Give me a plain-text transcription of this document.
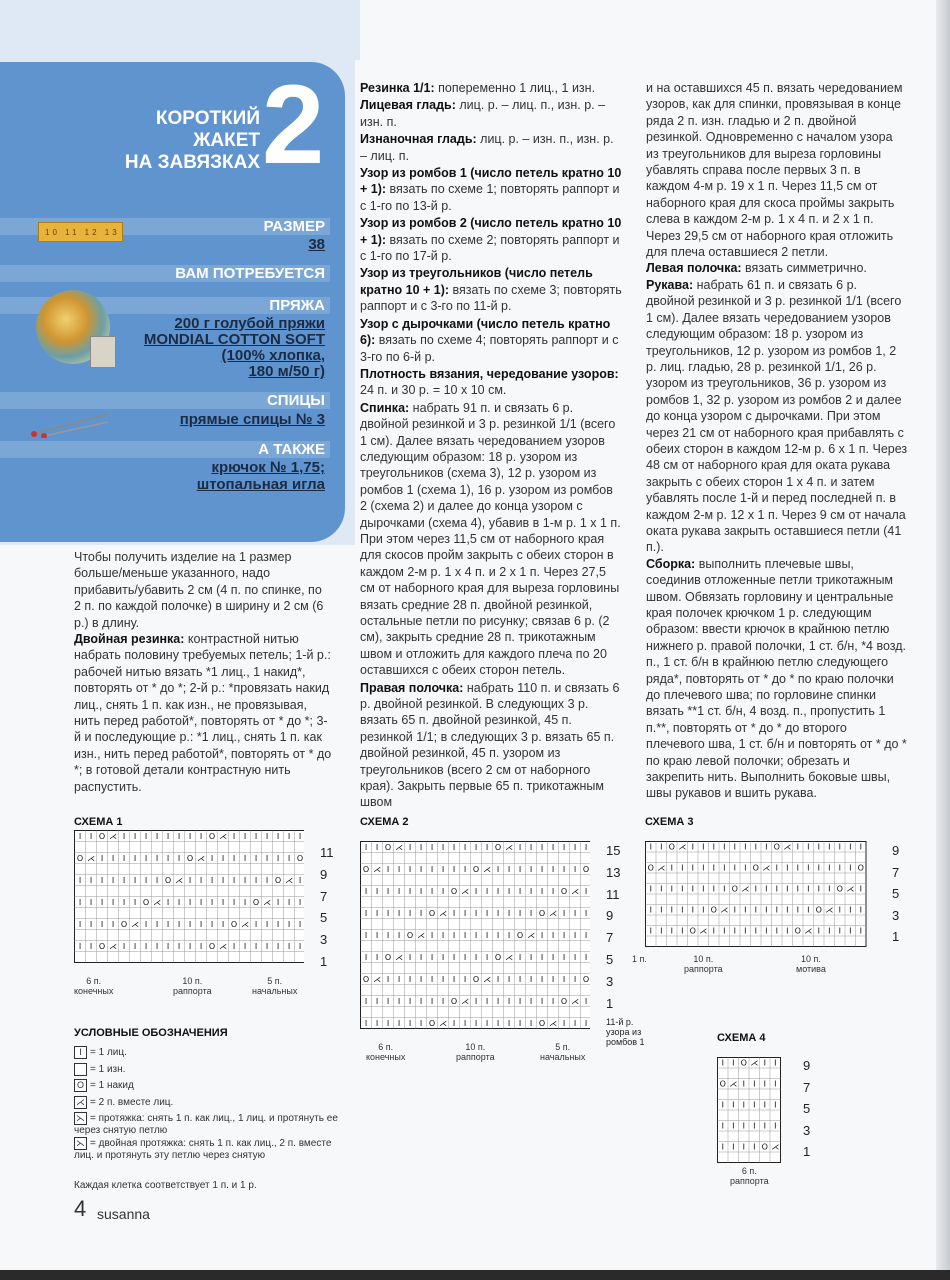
КОРОТКИЙ
ЖАКЕТ
НА ЗАВЯЗКАХ 2
10 11 12 13	РАЗМЕР
38
ВАМ ПОТРЕБУЕТСЯ
ПРЯЖА
200 г голубой пряжи
MONDIAL COTTON SOFT
(100% хлопка,
180 м/50 г)
СПИЦЫ
прямые спицы № 3
А ТАКЖЕ
крючок № 1,75;
штопальная игла

Чтобы получить изделие на 1 размер больше/меньше указанного, надо прибавить/убавить 2 см (4 п. по спинке, по 2 п. по каждой полочке) в ширину и 2 см (6 р.) в длину.

Двойная резинка: контрастной нитью набрать половину требуемых петель; 1-й р.: рабочей нитью вязать *1 лиц., 1 накид*, повторять от * до *; 2-й р.: *провязать накид лиц., снять 1 п. как изн., не провязывая, нить перед работой*, повторять от * до *; 3-й и последующие р.: *1 лиц., снять 1 п. как изн., нить перед работой*, повторять от * до *; в готовой детали контрастную нить распустить.

Резинка 1/1: попеременно 1 лиц., 1 изн.

Лицевая гладь: лиц. р. – лиц. п., изн. р. – изн. п.

Изнаночная гладь: лиц. р. – изн. п., изн. р. – лиц. п.

Узор из ромбов 1 (число петель кратно 10 + 1): вязать по схеме 1; повторять раппорт и с 1-го по 13-й р.

Узор из ромбов 2 (число петель кратно 10 + 1): вязать по схеме 2; повторять раппорт и с 1-го по 17-й р.

Узор из треугольников (число петель кратно 10 + 1): вязать по схеме 3; повторять раппорт и с 3-го по 11-й р.

Узор с дырочками (число петель кратно 6): вязать по схеме 4; повторять раппорт и с 3-го по 6-й р.

Плотность вязания, чередование узоров: 24 п. и 30 р. = 10 x 10 см.

Спинка: набрать 91 п. и связать 6 р. двойной резинкой и 3 р. резинкой 1/1 (всего 1 см). Далее вязать чередованием узоров следующим образом: 18 р. узором из треугольников (схема 3), 12 р. узором из ромбов 1 (схема 1), 16 р. узором из ромбов 2 (схема 2) и далее до конца узором с дырочками (схема 4), убавив в 1-м р. 1 х 1 п. При этом через 11,5 см от наборного края для скосов пройм закрыть с обеих сторон в каждом 2-м р. 1 х 4 п. и 2 х 1 п. Через 27,5 см от наборного края для выреза горловины вязать средние 28 п. двойной резинкой, остальные петли по рисунку; связав 6 р. (2 см), закрыть средние 28 п. трикотажным швом и отложить для каждого плеча по 20 оставшихся с обеих сторон петель.

Правая полочка: набрать 110 п. и связать 6 р. двойной резинкой. В следующих 3 р. вязать 65 п. двойной резинкой, 45 п. резинкой 1/1; в следующих 3 р. вязать 65 п. двойной резинкой, 45 п. узором из треугольников (всего 2 см от наборного края). Закрыть первые 65 п. трикотажным швом

и на оставшихся 45 п. вязать чередованием узоров, как для спинки, провязывая в конце ряда 2 п. изн. гладью и 2 п. двойной резинкой. Одновременно с началом узора из треугольников для выреза горловины убавлять справа после первых 3 п. в каждом 4-м р. 19 х 1 п. Через 11,5 см от наборного края для скоса проймы закрыть слева в каждом 2-м р. 1 х 4 п. и 2 х 1 п. Через 29,5 см от наборного края отложить для плеча оставшиеся 2 петли.

Левая полочка: вязать симметрично.

Рукава: набрать 61 п. и связать 6 р. двойной резинкой и 3 р. резинкой 1/1 (всего 1 см). Далее вязать чередованием узоров следующим образом: 18 р. узором из треугольников, 12 р. узором из ромбов 1, 2 р. лиц. гладью, 28 р. резинкой 1/1, 26 р. узором из треугольников, 36 р. узором из ромбов 1, 32 р. узором из ромбов 2 и далее до конца узором с дырочками. При этом через 21 см от наборного края прибавлять с обеих сторон в каждом 12-м р. 6 х 1 п. Через 48 см от наборного края для оката рукава закрыть с обеих сторон 1 х 4 п. и затем убавлять после 1-й и перед последней п. в каждом 2-м р. 12 х 1 п. Через 9 см от начала оката рукава закрыть оставшиеся петли (41 п.).

Сборка: выполнить плечевые швы, соединив отложенные петли трикотажным швом. Обвязать горловину и центральные края полочек крючком 1 р. следующим образом: ввести крючок в крайнюю петлю нижнего р. правой полочки, 1 ст. б/н, *4 возд. п., 1 ст. б/н в крайнюю петлю следующего ряда*, повторять от * до * по краю полочки до плечевого шва; по горловине спинки вязать **1 ст. б/н, 4 возд. п., пропустить 1 п.**, повторять от * до * до второго плечевого шва, 1 ст. б/н и повторять от * до * по краю левой полочки; обрезать и закрепить нить. Выполнить боковые швы, швы рукавов и вшить рукава.

СХЕМА 1
I I O ⋌ I I I I I I I I O ⋌ I I I I I I I
O ⋌ I I I I I I I I O ⋌ I I I I I I I I O
I I I I I I I I O ⋌ I I I I I I I I O ⋌ I
I I I I I I O ⋌ I I I I I I I I O ⋌ I I I
I I I I O ⋌ I I I I I I I I O ⋌ I I I I I
I I O ⋌ I I I I I I I I O ⋌ I I I I I I I
11
9
7
5
3
1
СХЕМА 2
I I O ⋌ I I I I I I I I O ⋌ I I I I I I I
O ⋌ I I I I I I I I O ⋌ I I I I I I I I O
I I I I I I I I O ⋌ I I I I I I I I O ⋌ I
I I I I I I O ⋌ I I I I I I I I O ⋌ I I I
I I I I O ⋌ I I I I I I I I O ⋌ I I I I I
I I O ⋌ I I I I I I I I O ⋌ I I I I I I I
O ⋌ I I I I I I I I O ⋌ I I I I I I I I O
I I I I I I I I O ⋌ I I I I I I I I O ⋌ I
I I I I I I O ⋌ I I I I I I I I O ⋌ I I I
15
13
11
9
7
5
3
1
11-й р.
узора из
ромбов 1
СХЕМА 3
I I O ⋌ I I I I I I I I O ⋌ I I I I I I I
O ⋌ I I I I I I I I O ⋌ I I I I I I I I O
I I I I I I I I O ⋌ I I I I I I I I O ⋌ I
I I I I I I O ⋌ I I I I I I I I O ⋌ I I I
I I I I O ⋌ I I I I I I I I O ⋌ I I I I I
9
7
5
3
1
СХЕМА 4
I I O ⋌ I I
O ⋌ I I I I
I I I I I I
I I I I I I
I I I I O ⋌
9
7
5
3
1
УСЛОВНЫЕ ОБОЗНАЧЕНИЯ
I = 1 лиц.
= 1 изн.
O = 1 накид
⋌ = 2 п. вместе лиц.
⋋ = протяжка: снять 1 п. как лиц., 1 лиц. и протянуть ее через снятую петлю
⋋ = двойная протяжка: снять 1 п. как лиц., 2 п. вместе лиц. и протянуть эту петлю через снятую
Каждая клетка соответствует 1 п. и 1 р.
4 susanna
6 п.
конечных
10 п.
раппорта
5 п.
начальных
6 п.
конечных
10 п.
раппорта
5 п.
начальных
1 п.	10 п.
раппорта
10 п.
мотива
6 п.
раппорта
